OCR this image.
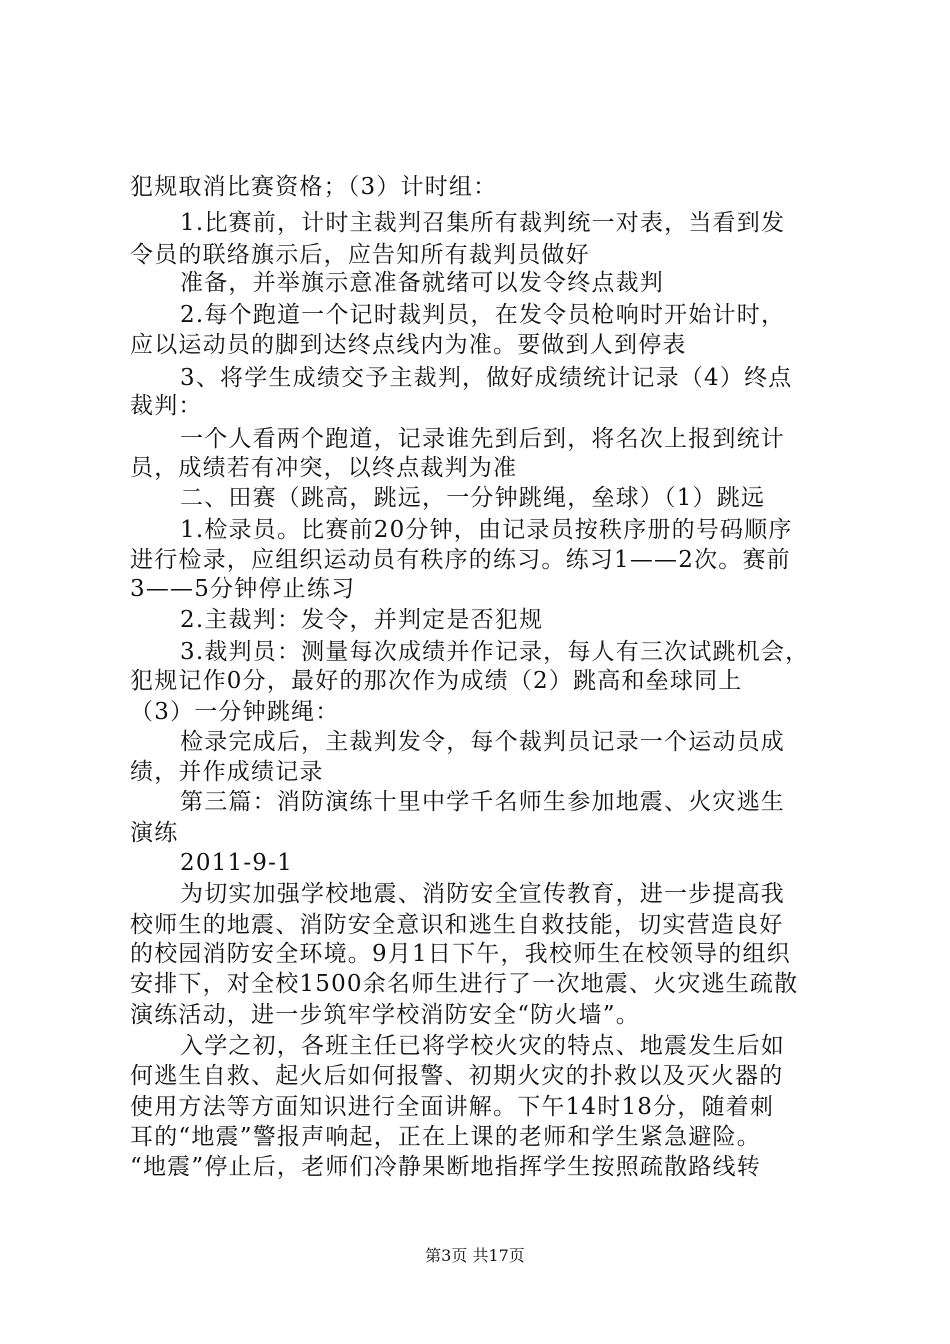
犯规取消比赛资格；（3）计时组：
1.比赛前，计时主裁判召集所有裁判统一对表，当看到发
令员的联络旗示后，应告知所有裁判员做好
准备，并举旗示意准备就绪可以发令终点裁判
2.每个跑道一个记时裁判员，在发令员枪响时开始计时，
应以运动员的脚到达终点线内为准。要做到人到停表
3、将学生成绩交予主裁判，做好成绩统计记录（4）终点
裁判：
一个人看两个跑道，记录谁先到后到，将名次上报到统计
员，成绩若有冲突，以终点裁判为准
二、田赛（跳高，跳远，一分钟跳绳，垒球）（1）跳远
1.检录员。比赛前20分钟，由记录员按秩序册的号码顺序
进行检录，应组织运动员有秩序的练习。练习1——2次。赛前
3——5分钟停止练习
2.主裁判：发令，并判定是否犯规
3.裁判员：测量每次成绩并作记录，每人有三次试跳机会，
犯规记作0分，最好的那次作为成绩（2）跳高和垒球同上
（3）一分钟跳绳：
检录完成后，主裁判发令，每个裁判员记录一个运动员成
绩，并作成绩记录
第三篇：消防演练十里中学千名师生参加地震、火灾逃生
演练
2011-9-1
为切实加强学校地震、消防安全宣传教育，进一步提高我
校师生的地震、消防安全意识和逃生自救技能，切实营造良好
的校园消防安全环境。9月1日下午，我校师生在校领导的组织
安排下，对全校1500余名师生进行了一次地震、火灾逃生疏散
演练活动，进一步筑牢学校消防安全“防火墙”。
入学之初，各班主任已将学校火灾的特点、地震发生后如
何逃生自救、起火后如何报警、初期火灾的扑救以及灭火器的
使用方法等方面知识进行全面讲解。下午14时18分，随着刺
耳的“地震”警报声响起，正在上课的老师和学生紧急避险。
“地震”停止后，老师们冷静果断地指挥学生按照疏散路线转
第3页 共17页
